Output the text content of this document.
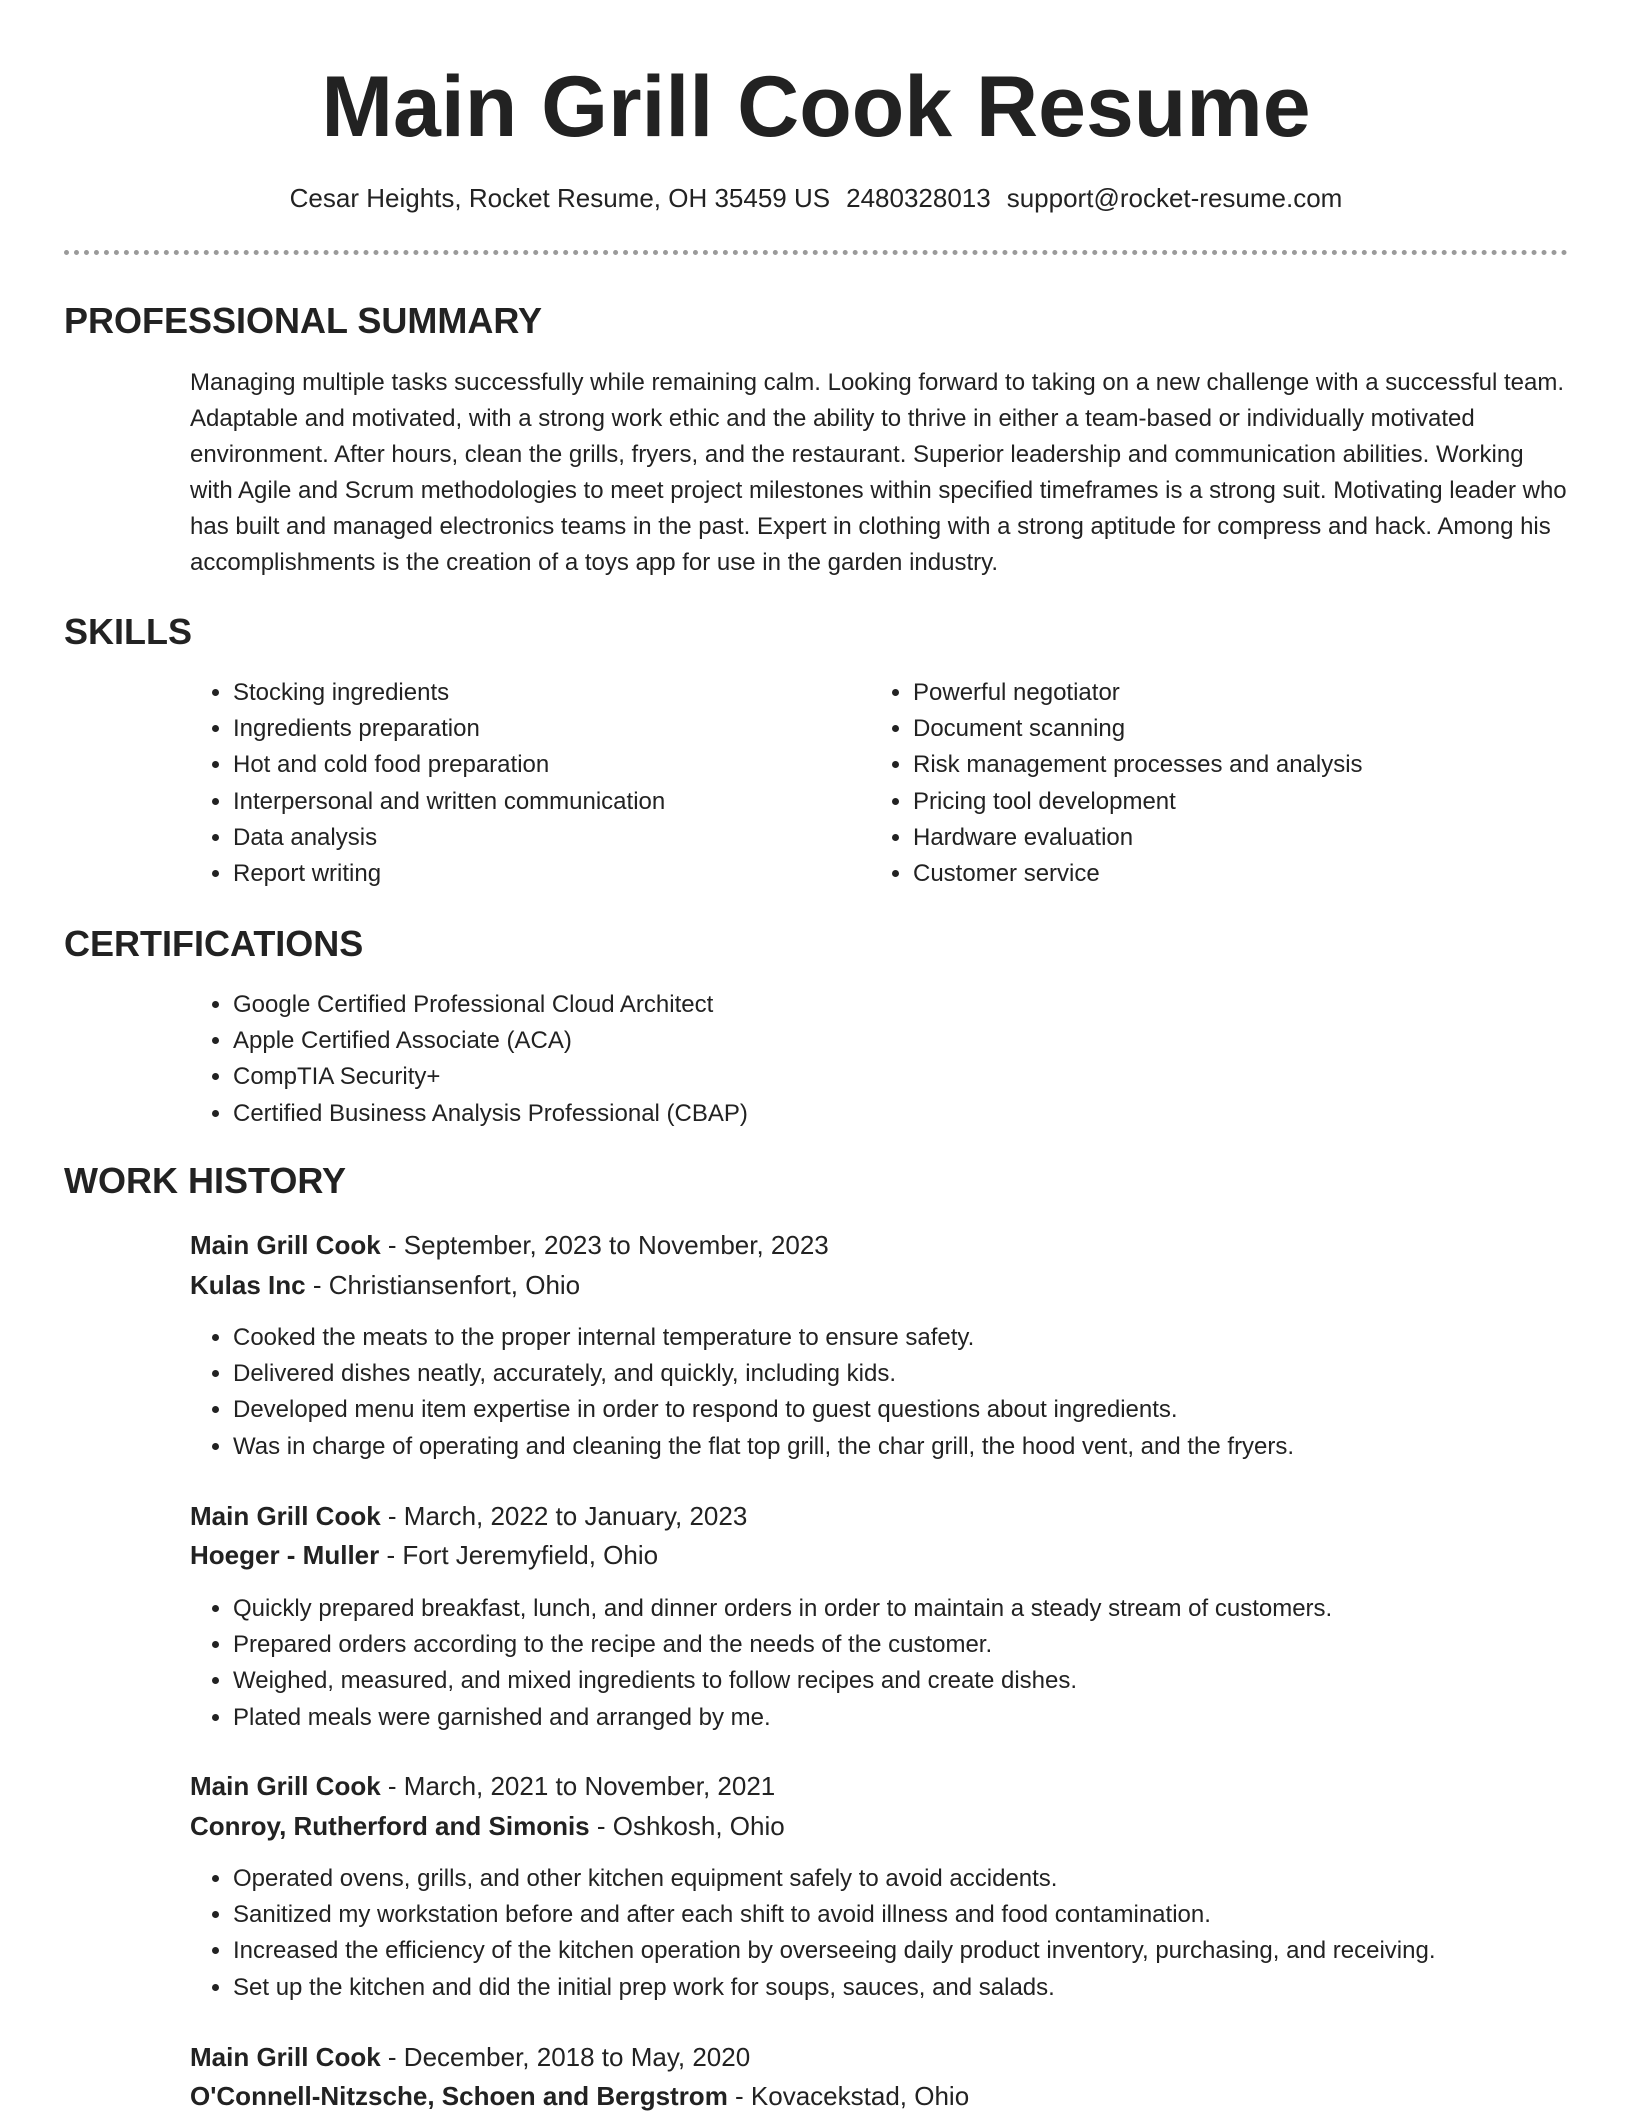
Main Grill Cook Resume
Cesar Heights, Rocket Resume, OH 35459 US 2480328013 support@rocket-resume.com
PROFESSIONAL SUMMARY

Managing multiple tasks successfully while remaining calm. Looking forward to taking on a new challenge with a successful team. Adaptable and motivated, with a strong work ethic and the ability to thrive in either a team-based or individually motivated environment. After hours, clean the grills, fryers, and the restaurant. Superior leadership and communication abilities. Working with Agile and Scrum methodologies to meet project milestones within specified timeframes is a strong suit. Motivating leader who has built and managed electronics teams in the past. Expert in clothing with a strong aptitude for compress and hack. Among his accomplishments is the creation of a toys app for use in the garden industry.

SKILLS
• Stocking ingredients
• Ingredients preparation
• Hot and cold food preparation
• Interpersonal and written communication
• Data analysis
• Report writing
• Powerful negotiator
• Document scanning
• Risk management processes and analysis
• Pricing tool development
• Hardware evaluation
• Customer service
CERTIFICATIONS
• Google Certified Professional Cloud Architect
• Apple Certified Associate (ACA)
• CompTIA Security+
• Certified Business Analysis Professional (CBAP)
WORK HISTORY
Main Grill Cook - September, 2023 to November, 2023
Kulas Inc - Christiansenfort, Ohio
• Cooked the meats to the proper internal temperature to ensure safety.
• Delivered dishes neatly, accurately, and quickly, including kids.
• Developed menu item expertise in order to respond to guest questions about ingredients.
• Was in charge of operating and cleaning the flat top grill, the char grill, the hood vent, and the fryers.
Main Grill Cook - March, 2022 to January, 2023
Hoeger - Muller - Fort Jeremyfield, Ohio
• Quickly prepared breakfast, lunch, and dinner orders in order to maintain a steady stream of customers.
• Prepared orders according to the recipe and the needs of the customer.
• Weighed, measured, and mixed ingredients to follow recipes and create dishes.
• Plated meals were garnished and arranged by me.
Main Grill Cook - March, 2021 to November, 2021
Conroy, Rutherford and Simonis - Oshkosh, Ohio
• Operated ovens, grills, and other kitchen equipment safely to avoid accidents.
• Sanitized my workstation before and after each shift to avoid illness and food contamination.
• Increased the efficiency of the kitchen operation by overseeing daily product inventory, purchasing, and receiving.
• Set up the kitchen and did the initial prep work for soups, sauces, and salads.
Main Grill Cook - December, 2018 to May, 2020
O'Connell-Nitzsche, Schoen and Bergstrom - Kovacekstad, Ohio
